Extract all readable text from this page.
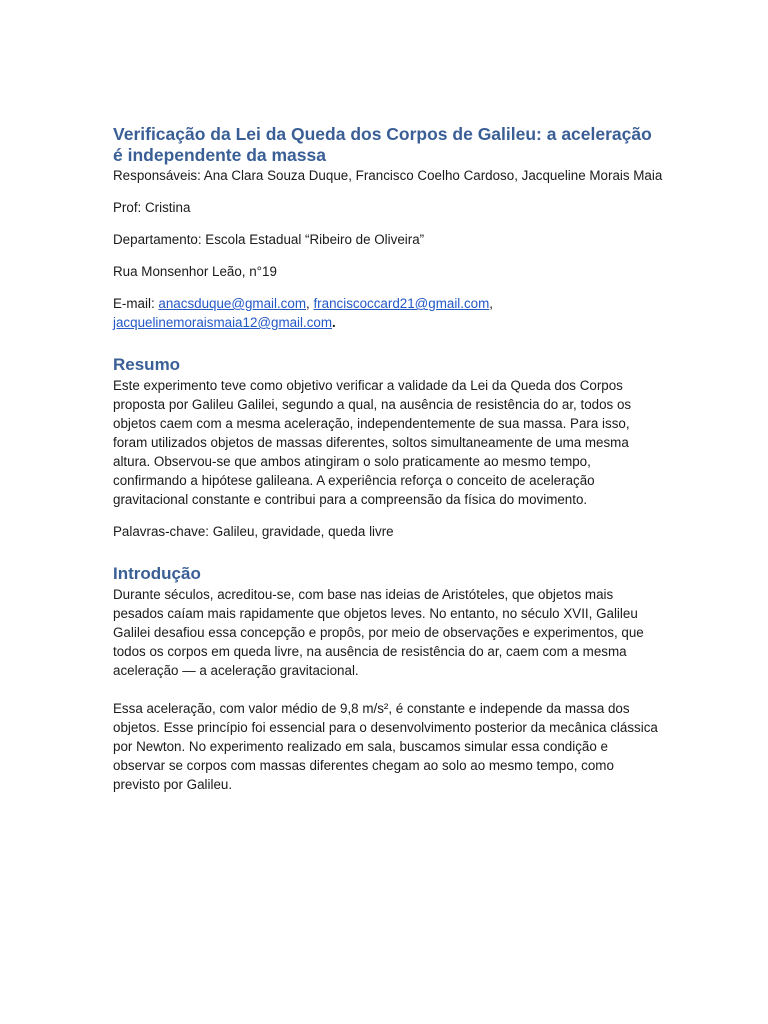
Verificação da Lei da Queda dos Corpos de Galileu: a aceleração é independente da massa

Responsáveis: Ana Clara Souza Duque, Francisco Coelho Cardoso, Jacqueline Morais Maia

Prof: Cristina

Departamento: Escola Estadual “Ribeiro de Oliveira”

Rua Monsenhor Leão, n°19

E-mail: anacsduque@gmail.com, franciscoccard21@gmail.com, jacquelinemoraismaia12@gmail.com.

Resumo

Este experimento teve como objetivo verificar a validade da Lei da Queda dos Corpos proposta por Galileu Galilei, segundo a qual, na ausência de resistência do ar, todos os objetos caem com a mesma aceleração, independentemente de sua massa. Para isso, foram utilizados objetos de massas diferentes, soltos simultaneamente de uma mesma altura. Observou-se que ambos atingiram o solo praticamente ao mesmo tempo, confirmando a hipótese galileana. A experiência reforça o conceito de aceleração gravitacional constante e contribui para a compreensão da física do movimento.

Palavras-chave: Galileu, gravidade, queda livre

Introdução

Durante séculos, acreditou-se, com base nas ideias de Aristóteles, que objetos mais pesados caíam mais rapidamente que objetos leves. No entanto, no século XVII, Galileu Galilei desafiou essa concepção e propôs, por meio de observações e experimentos, que todos os corpos em queda livre, na ausência de resistência do ar, caem com a mesma aceleração — a aceleração gravitacional.

Essa aceleração, com valor médio de 9,8 m/s², é constante e independe da massa dos objetos. Esse princípio foi essencial para o desenvolvimento posterior da mecânica clássica por Newton. No experimento realizado em sala, buscamos simular essa condição e observar se corpos com massas diferentes chegam ao solo ao mesmo tempo, como previsto por Galileu.
